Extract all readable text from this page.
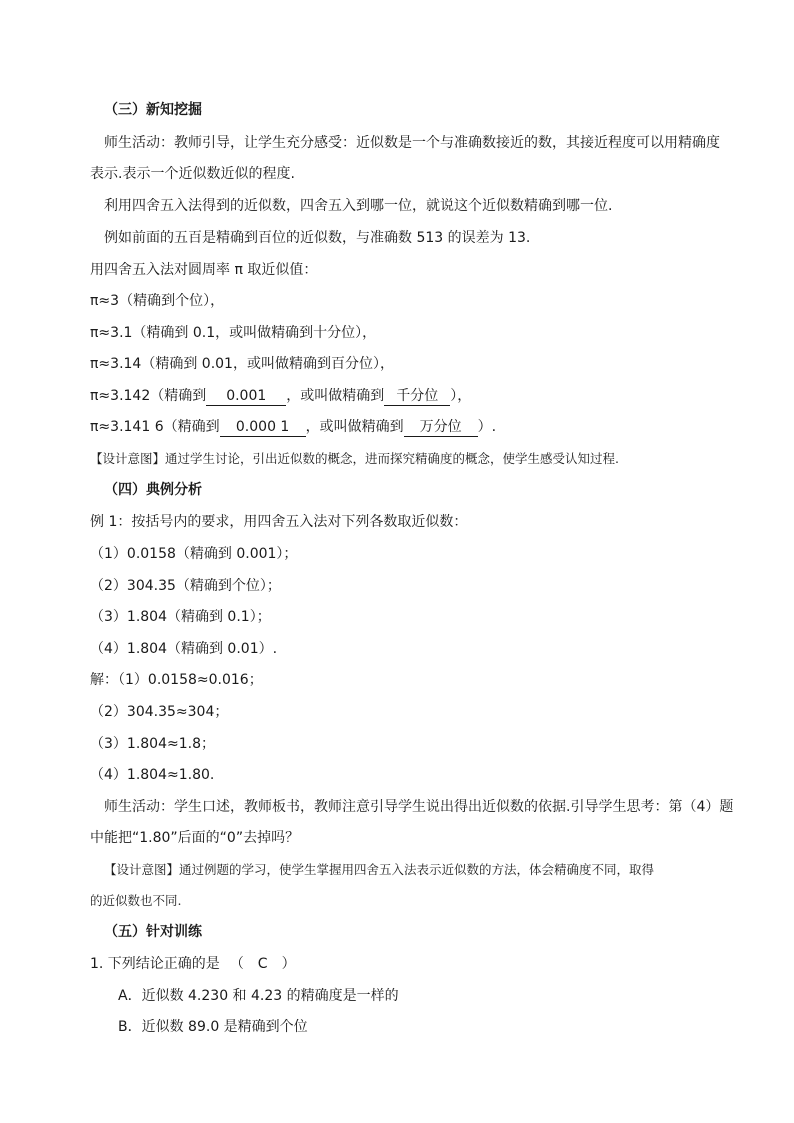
（三）新知挖掘
师生活动：教师引导，让学生充分感受：近似数是一个与准确数接近的数，其接近程度可以用精确度
表示.表示一个近似数近似的程度.
利用四舍五入法得到的近似数，四舍五入到哪一位，就说这个近似数精确到哪一位.
例如前面的五百是精确到百位的近似数，与准确数 513 的误差为 13.
用四舍五入法对圆周率 π 取近似值：
π≈3（精确到个位），
π≈3.1（精确到 0.1，或叫做精确到十分位），
π≈3.14（精确到 0.01，或叫做精确到百分位），
π≈3.142（精确到 0.001 ，或叫做精确到 千分位 ），
π≈3.141 6（精确到 0.000 1 ，或叫做精确到 万分位 ）.
【设计意图】通过学生讨论，引出近似数的概念，进而探究精确度的概念，使学生感受认知过程.
（四）典例分析
例 1：按括号内的要求，用四舍五入法对下列各数取近似数：
（1）0.0158（精确到 0.001）；
（2）304.35（精确到个位）；
（3）1.804（精确到 0.1）；
（4）1.804（精确到 0.01）.
解：（1）0.0158≈0.016；
（2）304.35≈304；
（3）1.804≈1.8；
（4）1.804≈1.80.
师生活动：学生口述，教师板书，教师注意引导学生说出得出近似数的依据.引导学生思考：第（4）题
中能把“1.80”后面的“0”去掉吗？
【设计意图】通过例题的学习，使学生掌握用四舍五入法表示近似数的方法，体会精确度不同，取得
的近似数也不同.
（五）针对训练
1. 下列结论正确的是 （　C　）
A．近似数 4.230 和 4.23 的精确度是一样的
B．近似数 89.0 是精确到个位
